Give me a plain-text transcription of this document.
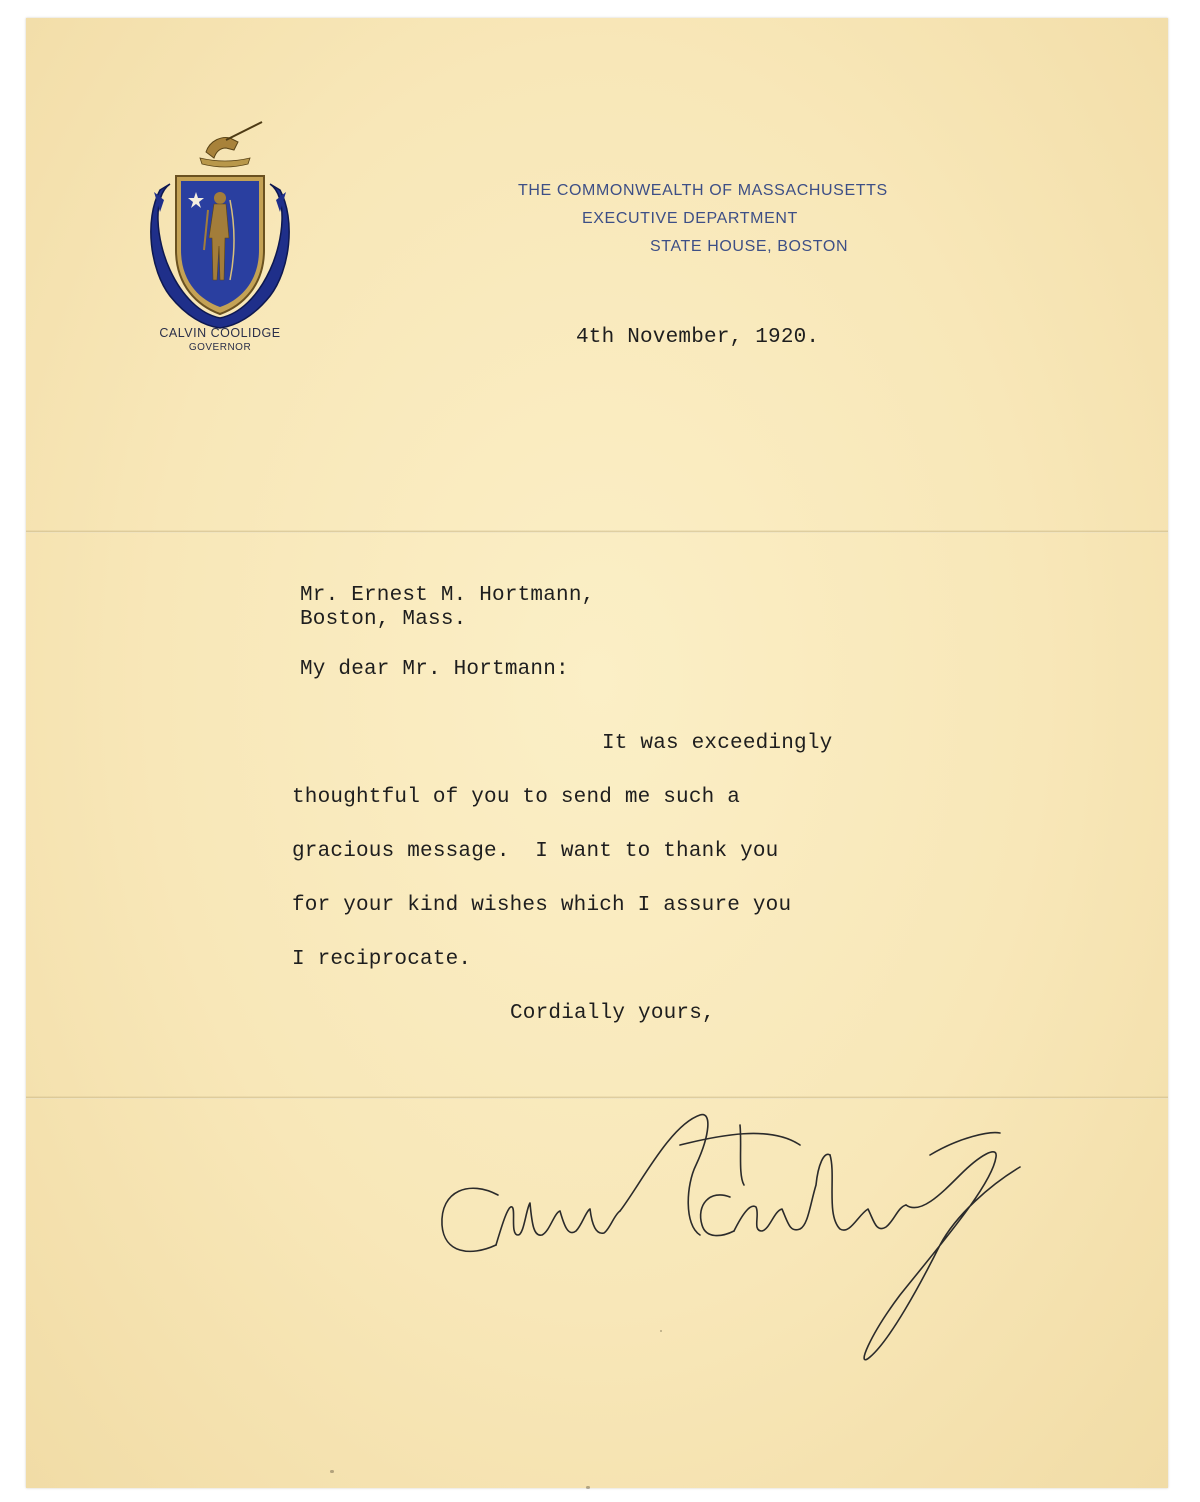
CALVIN COOLIDGE
GOVERNOR
THE COMMONWEALTH OF MASSACHUSETTS
EXECUTIVE DEPARTMENT
STATE HOUSE, BOSTON
4th November, 1920.
Mr. Ernest M. Hortmann,
Boston, Mass.
My dear Mr. Hortmann:
It was exceedingly
thoughtful of you to send me such a
gracious message.  I want to thank you
for your kind wishes which I assure you
I reciprocate.
Cordially yours,
